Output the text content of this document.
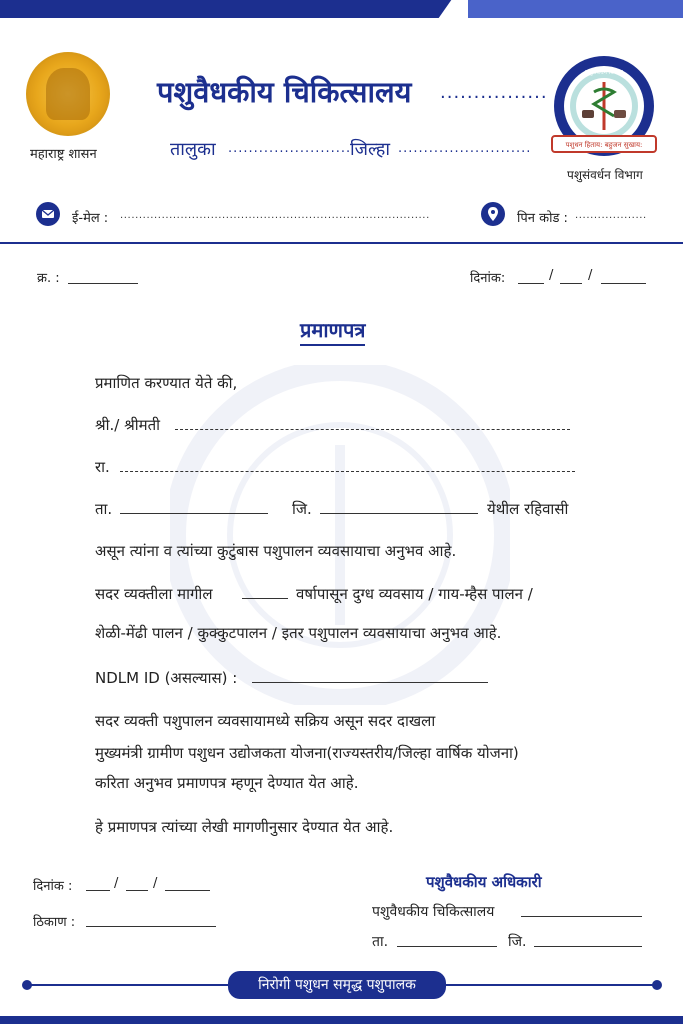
महाराष्ट्र शासन
पशुवैधकीय चिकित्सालय ................
तालुका ........................
जिल्हा ..........................
पशुसंवर्धन विभाग
पशुधन हिताय: बहुजन सुखाय:
पशुसंवर्धन विभाग
ई-मेल : ..................................................................................	पिन कोड : ...................
क्र. :	दिनांक:	/	/
प्रमाणपत्र
प्रमाणित करण्यात येते की,
श्री./ श्रीमती
रा.
ता.	जि.	येथील रहिवासी
असून त्यांना व त्यांच्या कुटुंबास पशुपालन व्यवसायाचा अनुभव आहे.
सदर व्यक्तीला मागील	वर्षापासून दुग्ध व्यवसाय / गाय-म्हैस पालन /
शेळी-मेंढी पालन / कुक्कुटपालन / इतर पशुपालन व्यवसायाचा अनुभव आहे.
NDLM ID (असल्यास) :
सदर व्यक्ती पशुपालन व्यवसायामध्ये सक्रिय असून सदर दाखला
मुख्यमंत्री ग्रामीण पशुधन उद्योजकता योजना(राज्यस्तरीय/जिल्हा वार्षिक योजना)
करिता अनुभव प्रमाणपत्र म्हणून देण्यात येत आहे.
हे प्रमाणपत्र त्यांच्या लेखी मागणीनुसार देण्यात येत आहे.
दिनांक :	/	/
ठिकाण :
पशुवैधकीय अधिकारी
पशुवैधकीय चिकित्सालय
ता.	जि.
निरोगी पशुधन समृद्ध पशुपालक
